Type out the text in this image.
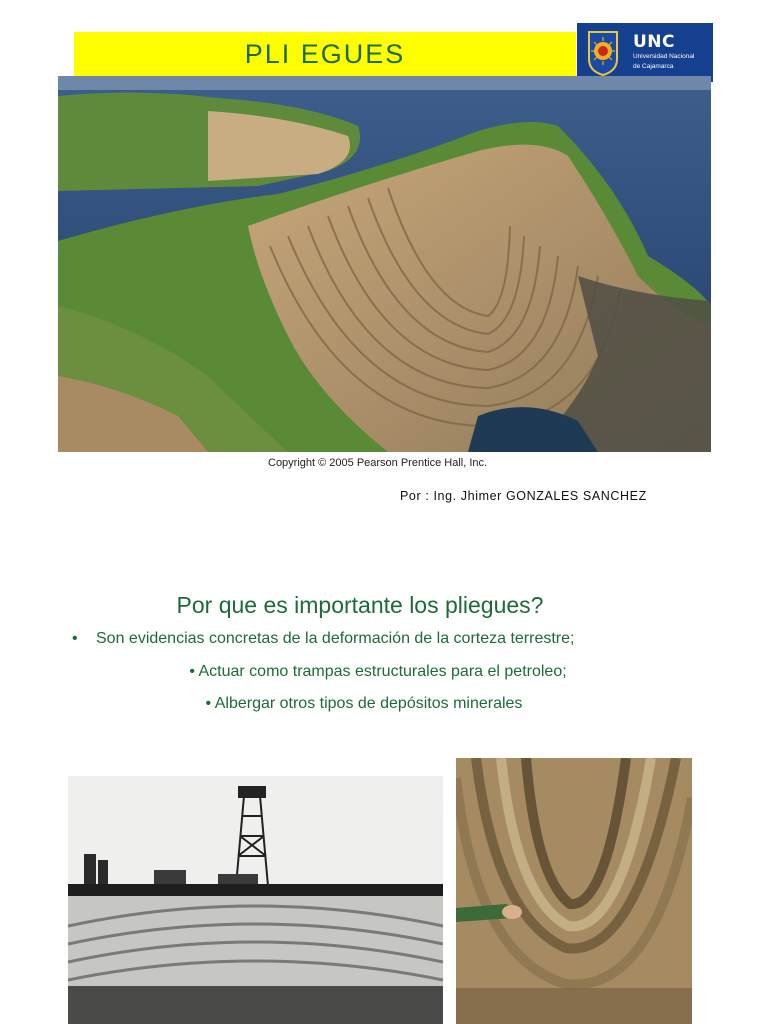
PLI EGUES	UNC
Universidad Nacional
de Cajamarca
Copyright © 2005 Pearson Prentice Hall, Inc.
Por : Ing. Jhimer GONZALES SANCHEZ
Por que es importante los pliegues?
• Son evidencias concretas de la deformación de la corteza terrestre;
• Actuar como trampas estructurales para el petroleo;
• Albergar otros tipos de depósitos minerales
